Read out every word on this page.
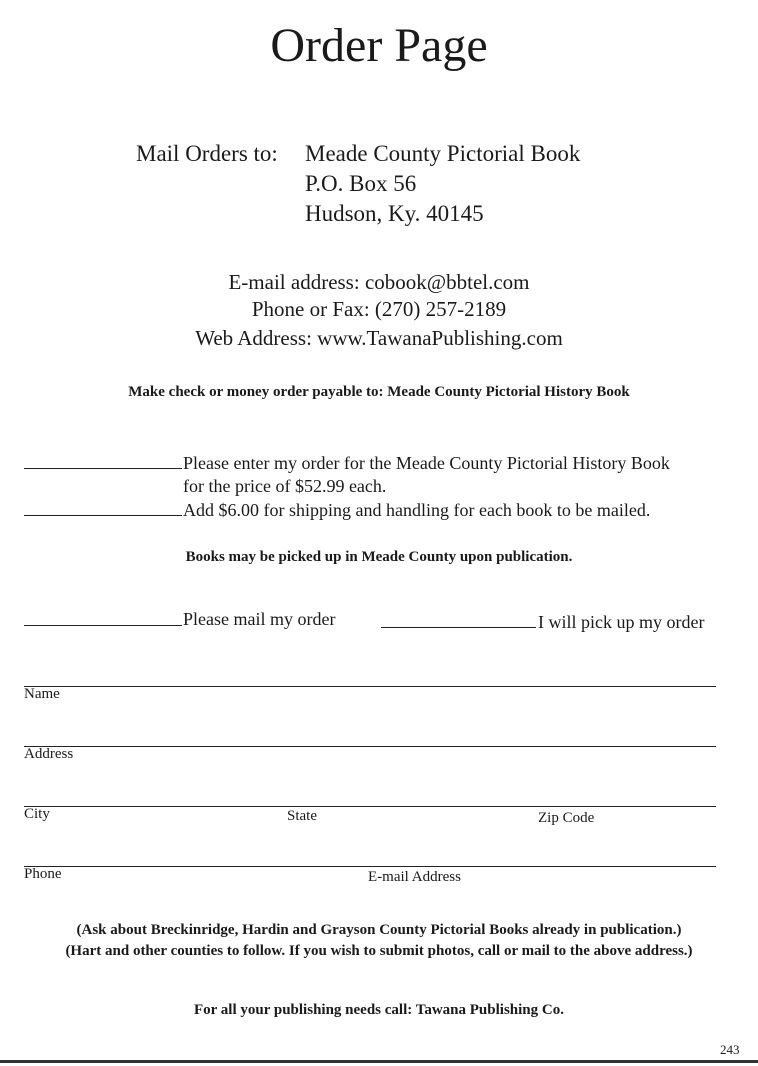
Order Page
Mail Orders to: Meade County Pictorial Book
P.O. Box 56
Hudson, Ky. 40145
E-mail address: cobook@bbtel.com
Phone or Fax: (270) 257-2189
Web Address: www.TawanaPublishing.com
Make check or money order payable to: Meade County Pictorial History Book
Please enter my order for the Meade County Pictorial History Book
for the price of $52.99 each.
Add $6.00 for shipping and handling for each book to be mailed.
Books may be picked up in Meade County upon publication.
Please mail my order	I will pick up my order
Name
Address
City	State	Zip Code
Phone	E-mail Address
(Ask about Breckinridge, Hardin and Grayson County Pictorial Books already in publication.)
(Hart and other counties to follow. If you wish to submit photos, call or mail to the above address.)
For all your publishing needs call: Tawana Publishing Co.
243
